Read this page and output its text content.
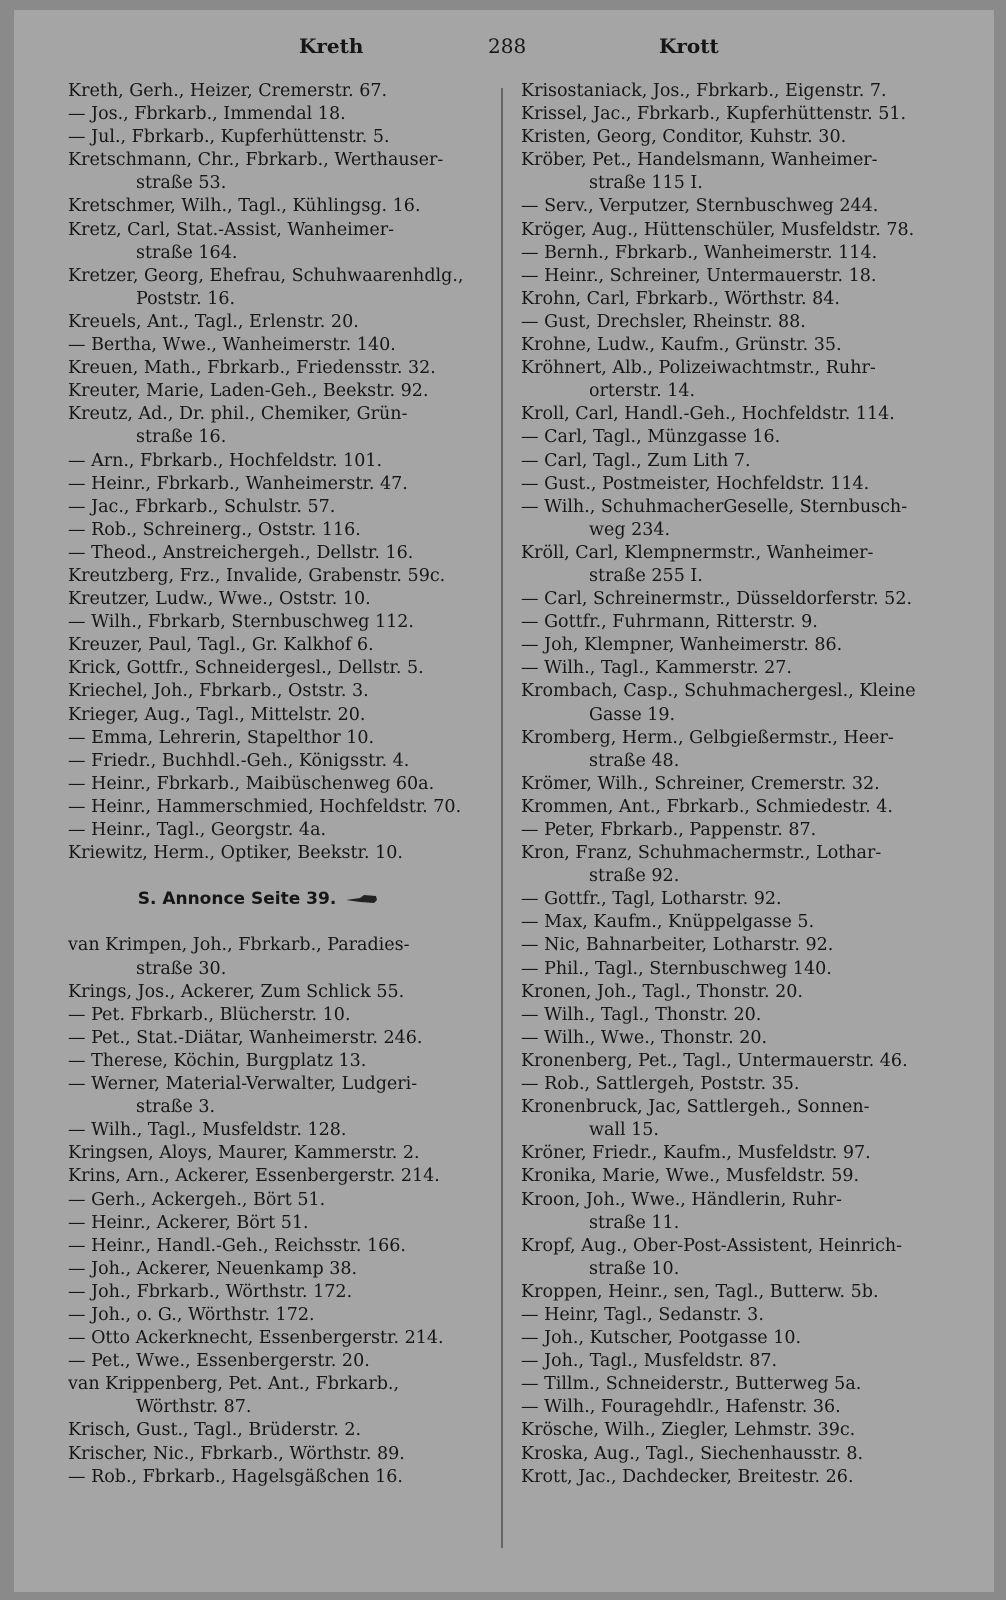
Kreth	288	Krott
Kreth, Gerh., Heizer, Cremerstr. 67.
— Jos., Fbrkarb., Immendal 18.
— Jul., Fbrkarb., Kupferhüttenstr. 5.
Kretschmann, Chr., Fbrkarb., Werthauser-
straße 53.
Kretschmer, Wilh., Tagl., Kühlingsg. 16.
Kretz, Carl, Stat.-Assist, Wanheimer-
straße 164.
Kretzer, Georg, Ehefrau, Schuhwaarenhdlg.,
Poststr. 16.
Kreuels, Ant., Tagl., Erlenstr. 20.
— Bertha, Wwe., Wanheimerstr. 140.
Kreuen, Math., Fbrkarb., Friedensstr. 32.
Kreuter, Marie, Laden-Geh., Beekstr. 92.
Kreutz, Ad., Dr. phil., Chemiker, Grün-
straße 16.
— Arn., Fbrkarb., Hochfeldstr. 101.
— Heinr., Fbrkarb., Wanheimerstr. 47.
— Jac., Fbrkarb., Schulstr. 57.
— Rob., Schreinerg., Oststr. 116.
— Theod., Anstreichergeh., Dellstr. 16.
Kreutzberg, Frz., Invalide, Grabenstr. 59c.
Kreutzer, Ludw., Wwe., Oststr. 10.
— Wilh., Fbrkarb, Sternbuschweg 112.
Kreuzer, Paul, Tagl., Gr. Kalkhof 6.
Krick, Gottfr., Schneidergesl., Dellstr. 5.
Kriechel, Joh., Fbrkarb., Oststr. 3.
Krieger, Aug., Tagl., Mittelstr. 20.
— Emma, Lehrerin, Stapelthor 10.
— Friedr., Buchhdl.-Geh., Königsstr. 4.
— Heinr., Fbrkarb., Maibüschenweg 60a.
— Heinr., Hammerschmied, Hochfeldstr. 70.
— Heinr., Tagl., Georgstr. 4a.
Kriewitz, Herm., Optiker, Beekstr. 10.
S. Annonce Seite 39.
van Krimpen, Joh., Fbrkarb., Paradies-
straße 30.
Krings, Jos., Ackerer, Zum Schlick 55.
— Pet. Fbrkarb., Blücherstr. 10.
— Pet., Stat.-Diätar, Wanheimerstr. 246.
— Therese, Köchin, Burgplatz 13.
— Werner, Material-Verwalter, Ludgeri-
straße 3.
— Wilh., Tagl., Musfeldstr. 128.
Kringsen, Aloys, Maurer, Kammerstr. 2.
Krins, Arn., Ackerer, Essenbergerstr. 214.
— Gerh., Ackergeh., Bört 51.
— Heinr., Ackerer, Bört 51.
— Heinr., Handl.-Geh., Reichsstr. 166.
— Joh., Ackerer, Neuenkamp 38.
— Joh., Fbrkarb., Wörthstr. 172.
— Joh., o. G., Wörthstr. 172.
— Otto Ackerknecht, Essenbergerstr. 214.
— Pet., Wwe., Essenbergerstr. 20.
van Krippenberg, Pet. Ant., Fbrkarb.,
Wörthstr. 87.
Krisch, Gust., Tagl., Brüderstr. 2.
Krischer, Nic., Fbrkarb., Wörthstr. 89.
— Rob., Fbrkarb., Hagelsgäßchen 16.
Krisostaniack, Jos., Fbrkarb., Eigenstr. 7.
Krissel, Jac., Fbrkarb., Kupferhüttenstr. 51.
Kristen, Georg, Conditor, Kuhstr. 30.
Kröber, Pet., Handelsmann, Wanheimer-
straße 115 I.
— Serv., Verputzer, Sternbuschweg 244.
Kröger, Aug., Hüttenschüler, Musfeldstr. 78.
— Bernh., Fbrkarb., Wanheimerstr. 114.
— Heinr., Schreiner, Untermauerstr. 18.
Krohn, Carl, Fbrkarb., Wörthstr. 84.
— Gust, Drechsler, Rheinstr. 88.
Krohne, Ludw., Kaufm., Grünstr. 35.
Kröhnert, Alb., Polizeiwachtmstr., Ruhr-
orterstr. 14.
Kroll, Carl, Handl.-Geh., Hochfeldstr. 114.
— Carl, Tagl., Münzgasse 16.
— Carl, Tagl., Zum Lith 7.
— Gust., Postmeister, Hochfeldstr. 114.
— Wilh., SchuhmacherGeselle, Sternbusch-
weg 234.
Kröll, Carl, Klempnermstr., Wanheimer-
straße 255 I.
— Carl, Schreinermstr., Düsseldorferstr. 52.
— Gottfr., Fuhrmann, Ritterstr. 9.
— Joh, Klempner, Wanheimerstr. 86.
— Wilh., Tagl., Kammerstr. 27.
Krombach, Casp., Schuhmachergesl., Kleine
Gasse 19.
Kromberg, Herm., Gelbgießermstr., Heer-
straße 48.
Krömer, Wilh., Schreiner, Cremerstr. 32.
Krommen, Ant., Fbrkarb., Schmiedestr. 4.
— Peter, Fbrkarb., Pappenstr. 87.
Kron, Franz, Schuhmachermstr., Lothar-
straße 92.
— Gottfr., Tagl, Lotharstr. 92.
— Max, Kaufm., Knüppelgasse 5.
— Nic, Bahnarbeiter, Lotharstr. 92.
— Phil., Tagl., Sternbuschweg 140.
Kronen, Joh., Tagl., Thonstr. 20.
— Wilh., Tagl., Thonstr. 20.
— Wilh., Wwe., Thonstr. 20.
Kronenberg, Pet., Tagl., Untermauerstr. 46.
— Rob., Sattlergeh, Poststr. 35.
Kronenbruck, Jac, Sattlergeh., Sonnen-
wall 15.
Kröner, Friedr., Kaufm., Musfeldstr. 97.
Kronika, Marie, Wwe., Musfeldstr. 59.
Kroon, Joh., Wwe., Händlerin, Ruhr-
straße 11.
Kropf, Aug., Ober-Post-Assistent, Heinrich-
straße 10.
Kroppen, Heinr., sen, Tagl., Butterw. 5b.
— Heinr, Tagl., Sedanstr. 3.
— Joh., Kutscher, Pootgasse 10.
— Joh., Tagl., Musfeldstr. 87.
— Tillm., Schneiderstr., Butterweg 5a.
— Wilh., Fouragehdlr., Hafenstr. 36.
Krösche, Wilh., Ziegler, Lehmstr. 39c.
Kroska, Aug., Tagl., Siechenhausstr. 8.
Krott, Jac., Dachdecker, Breitestr. 26.
